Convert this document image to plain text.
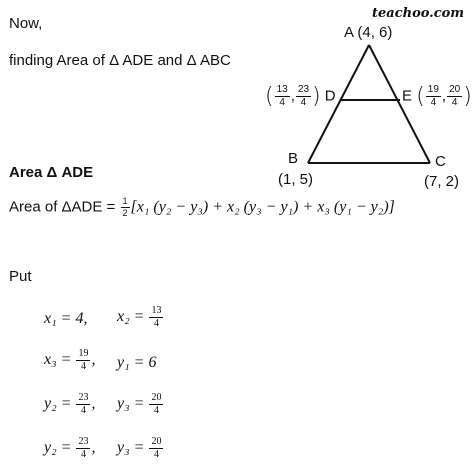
teachoo.com
Now,
finding Area of Δ ADE and Δ ABC
A (4, 6)
( $\frac{13}{4}$ , $\frac{23}{4}$ ) D	E ( $\frac{19}{4}$ , $\frac{20}{4}$ )
B
(1, 5)
C
(7, 2)
Area Δ ADE
Area of $\Delta ADE = \frac{1}{2} [x_1$ (y₂ − y₃) + x₂ (y₃ − y₁) + x₃ (y₁ − y₂)]
Put
x₁ = 4, $x_2 = \frac{13}{4}$
$x_3 = \frac{19}{4}$ , y₁ = 6
$y_2 = \frac{23}{4}$ , $y_3 = \frac{20}{4}$
$y_2 = \frac{23}{4}$ , $y_3 = \frac{20}{4}$
